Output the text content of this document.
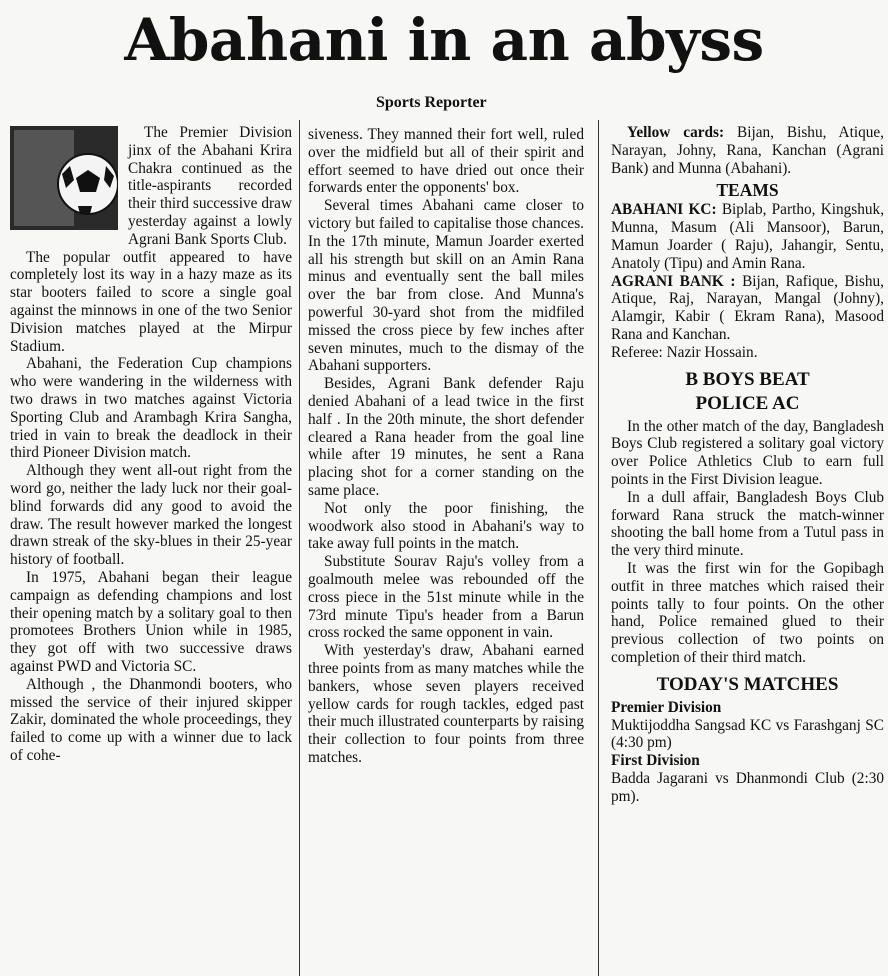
Abahani in an abyss
Sports Reporter

The Premier Division jinx of the Abahani Krira Chakra continued as the title-aspirants recorded their third successive draw yesterday against a lowly Agrani Bank Sports Club.

The popular outfit appeared to have completely lost its way in a hazy maze as its star booters failed to score a single goal against the minnows in one of the two Senior Division matches played at the Mirpur Stadium.

Abahani, the Federation Cup champions who were wandering in the wilderness with two draws in two matches against Victoria Sporting Club and Arambagh Krira Sangha, tried in vain to break the deadlock in their third Pioneer Division match.

Although they went all-out right from the word go, neither the lady luck nor their goal-blind forwards did any good to avoid the draw. The result however marked the longest drawn streak of the sky-blues in their 25-year history of football.

In 1975, Abahani began their league campaign as defending champions and lost their opening match by a solitary goal to then promotees Brothers Union while in 1985, they got off with two successive draws against PWD and Victoria SC.

Although , the Dhanmondi booters, who missed the service of their injured skipper Zakir, dominated the whole proceedings, they failed to come up with a winner due to lack of cohe-

siveness. They manned their fort well, ruled over the midfield but all of their spirit and effort seemed to have dried out once their forwards enter the opponents' box.

Several times Abahani came closer to victory but failed to capitalise those chances. In the 17th minute, Mamun Joarder exerted all his strength but skill on an Amin Rana minus and eventually sent the ball miles over the bar from close. And Munna's powerful 30-yard shot from the midfiled missed the cross piece by few inches after seven minutes, much to the dismay of the Abahani supporters.

Besides, Agrani Bank defender Raju denied Abahani of a lead twice in the first half . In the 20th minute, the short defender cleared a Rana header from the goal line while after 19 minutes, he sent a Rana placing shot for a corner standing on the same place.

Not only the poor finishing, the woodwork also stood in Abahani's way to take away full points in the match.

Substitute Sourav Raju's volley from a goalmouth melee was rebounded off the cross piece in the 51st minute while in the 73rd minute Tipu's header from a Barun cross rocked the same opponent in vain.

With yesterday's draw, Abahani earned three points from as many matches while the bankers, whose seven players received yellow cards for rough tackles, edged past their much illustrated counterparts by raising their collection to four points from three matches.

Yellow cards: Bijan, Bishu, Atique, Narayan, Johny, Rana, Kanchan (Agrani Bank) and Munna (Abahani).

TEAMS

ABAHANI KC: Biplab, Partho, Kingshuk, Munna, Masum (Ali Mansoor), Barun, Mamun Joarder ( Raju), Jahangir, Sentu, Anatoly (Tipu) and Amin Rana.

AGRANI BANK : Bijan, Rafique, Bishu, Atique, Raj, Narayan, Mangal (Johny), Alamgir, Kabir ( Ekram Rana), Masood Rana and Kanchan.

Referee: Nazir Hossain.

B BOYS BEAT
POLICE AC

In the other match of the day, Bangladesh Boys Club registered a solitary goal victory over Police Athletics Club to earn full points in the First Division league.

In a dull affair, Bangladesh Boys Club forward Rana struck the match-winner shooting the ball home from a Tutul pass in the very third minute.

It was the first win for the Gopibagh outfit in three matches which raised their points tally to four points. On the other hand, Police remained glued to their previous collection of two points on completion of their third match.

TODAY'S MATCHES

Premier Division

Muktijoddha Sangsad KC vs Farashganj SC (4:30 pm)

First Division

Badda Jagarani vs Dhanmondi Club (2:30 pm).
